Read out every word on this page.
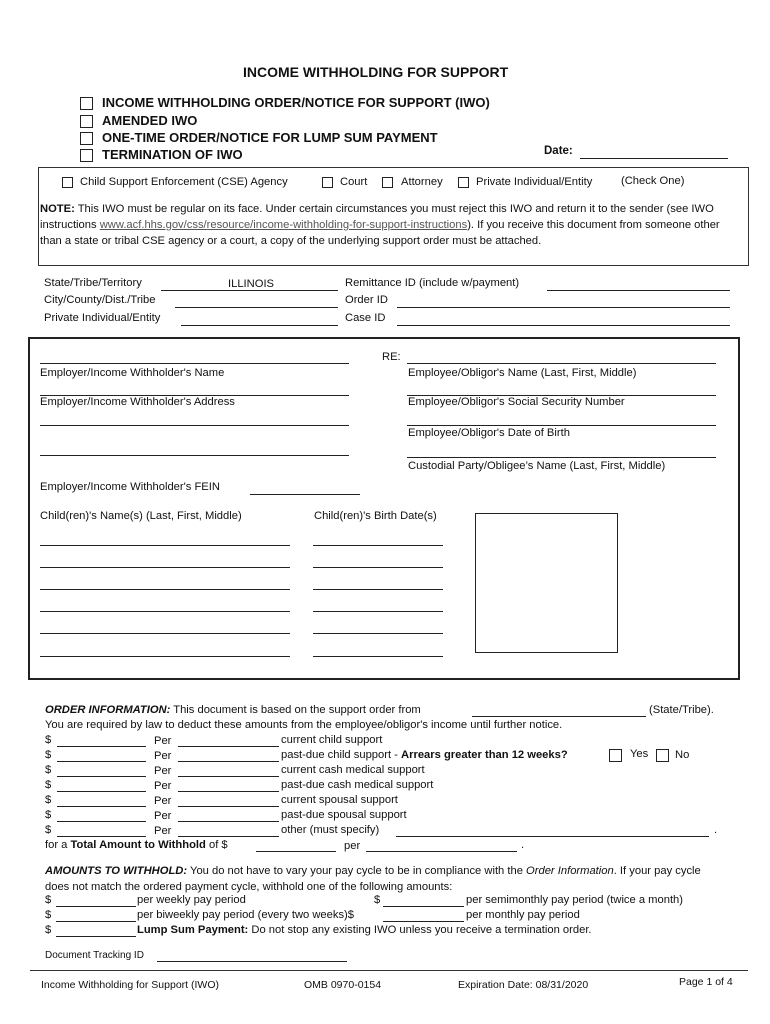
INCOME WITHHOLDING FOR SUPPORT
INCOME WITHHOLDING ORDER/NOTICE FOR SUPPORT (IWO)
AMENDED IWO
ONE-TIME ORDER/NOTICE FOR LUMP SUM PAYMENT
TERMINATION OF IWO	Date:
Child Support Enforcement (CSE) Agency	Court	Attorney	Private Individual/Entity	(Check One)
NOTE: This IWO must be regular on its face. Under certain circumstances you must reject this IWO and return it to the sender (see IWO instructions www.acf.hhs.gov/css/resource/income-withholding-for-support-instructions). If you receive this document from someone other than a state or tribal CSE agency or a court, a copy of the underlying support order must be attached.
State/Tribe/Territory	ILLINOIS
City/County/Dist./Tribe
Private Individual/Entity
Remittance ID (include w/payment)
Order ID
Case ID
Employer/Income Withholder's Name
Employer/Income Withholder's Address
Employer/Income Withholder's FEIN
RE:
Employee/Obligor's Name (Last, First, Middle)
Employee/Obligor's Social Security Number
Employee/Obligor's Date of Birth
Custodial Party/Obligee’s Name (Last, First, Middle)
Child(ren)'s Name(s) (Last, First, Middle)	Child(ren)'s Birth Date(s)
ORDER INFORMATION: This document is based on the support order from	(State/Tribe).
You are required by law to deduct these amounts from the employee/obligor's income until further notice.
$	Per	current child support
$	Per	past-due child support - Arrears greater than 12 weeks?	Yes No
$	Per	current cash medical support
$	Per	past-due cash medical support
$	Per	current spousal support
$	Per	past-due spousal support
$	Per	other (must specify)	.
for a Total Amount to Withhold of $	per	.
AMOUNTS TO WITHHOLD: You do not have to vary your pay cycle to be in compliance with the Order Information. If your pay cycle does not match the ordered payment cycle, withhold one of the following amounts:
$	per weekly pay period	$	per semimonthly pay period (twice a month)
$	per biweekly pay period (every two weeks)$	per monthly pay period
$	Lump Sum Payment: Do not stop any existing IWO unless you receive a termination order.
Document Tracking ID
Income Withholding for Support (IWO)	OMB 0970-0154	Expiration Date: 08/31/2020	Page 1 of 4
